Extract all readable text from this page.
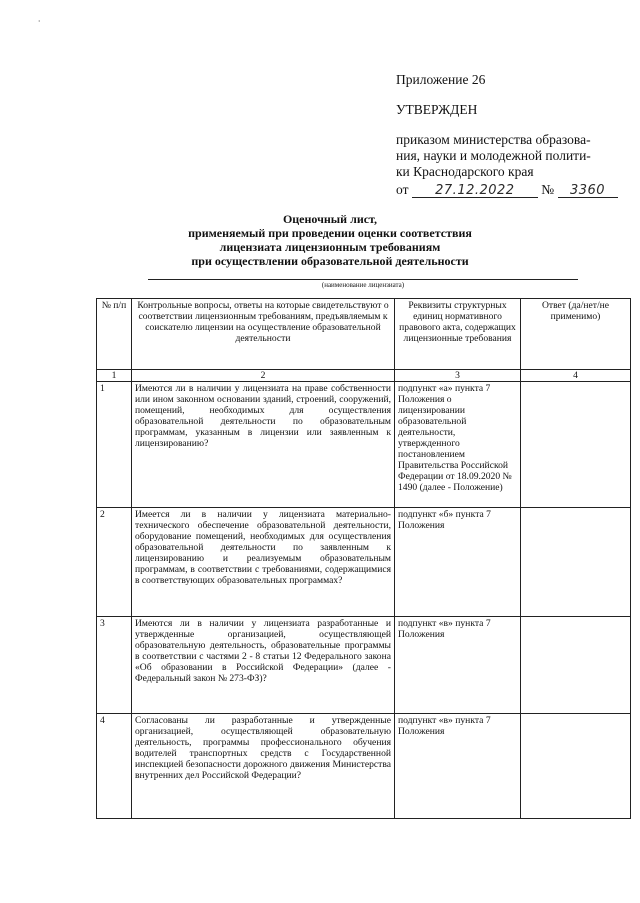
⸱

Приложение 26

УТВЕРЖДЕН

приказом министерства образова-
ния, науки и молодежной полити-
ки Краснодарского края
от 27.12.2022 № 3360
Оценочный лист,
применяемый при проведении оценки соответствия
лицензиата лицензионным требованиям
при осуществлении образовательной деятельности
(наименование лицензиата)
№ п/п	Контрольные вопросы, ответы на которые свидетельствуют о соответствии лицензионным требованиям, предъявляемым к соискателю лицензии на осуществление образовательной деятельности	Реквизиты структурных единиц нормативного правового акта, содержащих лицензионные требования	Ответ (да/нет/не применимо)
1	2	3	4
1	Имеются ли в наличии у лицензиата на праве собственности или ином законном основании зданий, строений, сооружений, помещений, необходимых для осуществления образовательной деятельности по образовательным программам, указанным в лицензии или заявленным к лицензированию?	подпункт «а» пункта 7 Положения о лицензировании образовательной деятельности, утвержденного постановлением Правительства Российской Федерации от 18.09.2020 № 1490 (далее - Положение)	
2	Имеется ли в наличии у лицензиата материально-технического обеспечение образовательной деятельности, оборудование помещений, необходимых для осуществления образовательной деятельности по заявленным к лицензированию и реализуемым образовательным программам, в соответствии с требованиями, содержащимися в соответствующих образовательных программах?	подпункт «б» пункта 7 Положения	
3	Имеются ли в наличии у лицензиата разработанные и утвержденные организацией, осуществляющей образовательную деятельность, образовательные программы в соответствии с частями 2 - 8 статьи 12 Федерального закона «Об образовании в Российской Федерации» (далее - Федеральный закон № 273-ФЗ)?	подпункт «в» пункта 7 Положения	
4	Согласованы ли разработанные и утвержденные организацией, осуществляющей образовательную деятельность, программы профессионального обучения водителей транспортных средств с Государственной инспекцией безопасности дорожного движения Министерства внутренних дел Российской Федерации?	подпункт «в» пункта 7 Положения	
